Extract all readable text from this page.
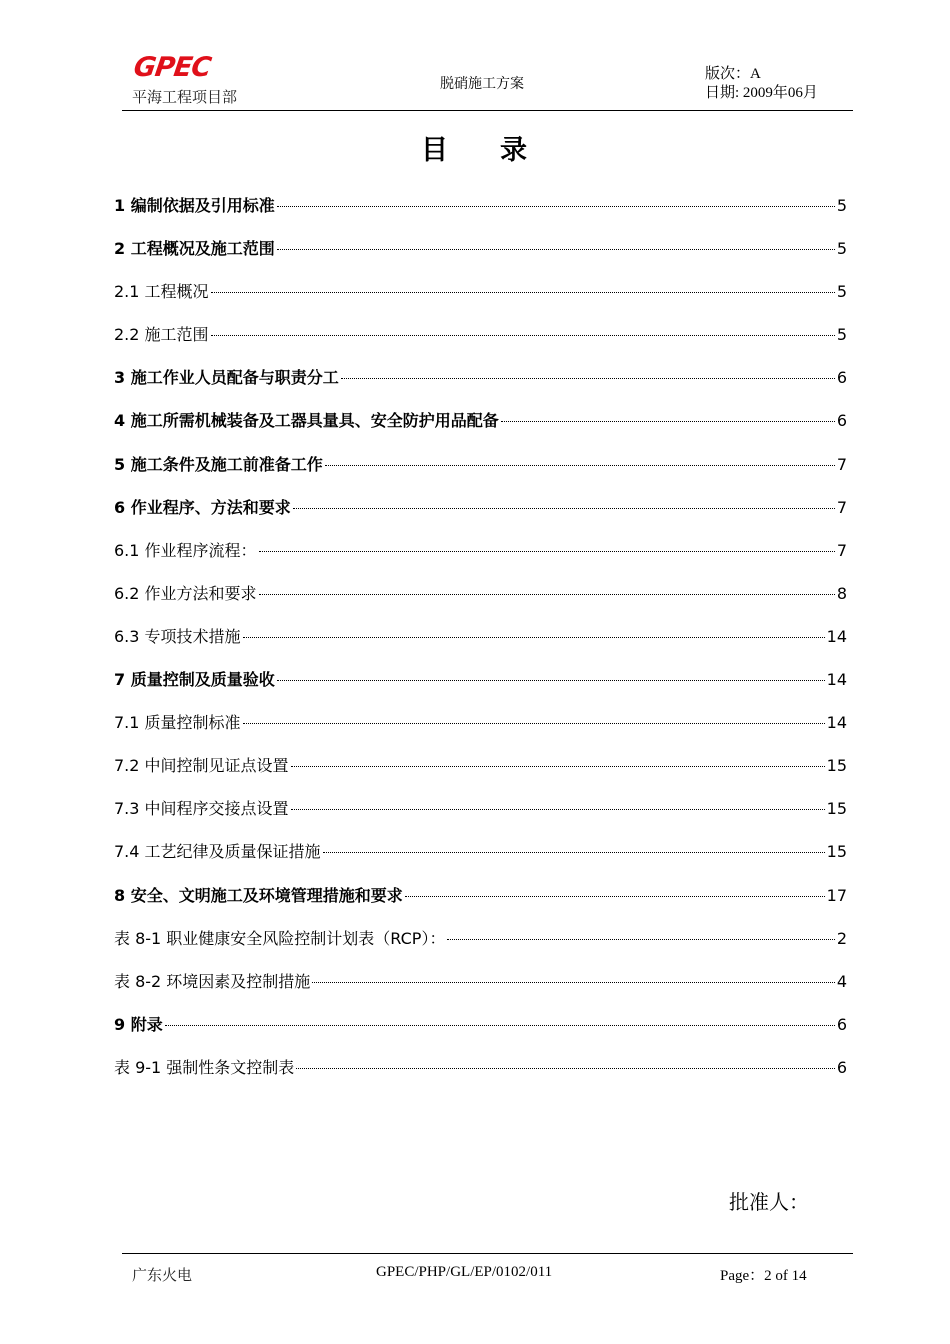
GPEC
平海工程项目部
脱硝施工方案
版次：A
日期: 2009年06月
目 录
1 编制依据及引用标准	5
2 工程概况及施工范围	5
2.1 工程概况	5
2.2 施工范围	5
3 施工作业人员配备与职责分工	6
4 施工所需机械装备及工器具量具、安全防护用品配备	6
5 施工条件及施工前准备工作	7
6 作业程序、方法和要求	7
6.1 作业程序流程：	7
6.2 作业方法和要求	8
6.3 专项技术措施	14
7 质量控制及质量验收	14
7.1 质量控制标准	14
7.2 中间控制见证点设置	15
7.3 中间程序交接点设置	15
7.4 工艺纪律及质量保证措施	15
8 安全、文明施工及环境管理措施和要求	17
表 8-1 职业健康安全风险控制计划表（RCP）：	2
表 8-2 环境因素及控制措施	4
9 附录	6
表 9-1 强制性条文控制表	6
批准人：
广东火电	GPEC/PHP/GL/EP/0102/011	Page：2 of 14
